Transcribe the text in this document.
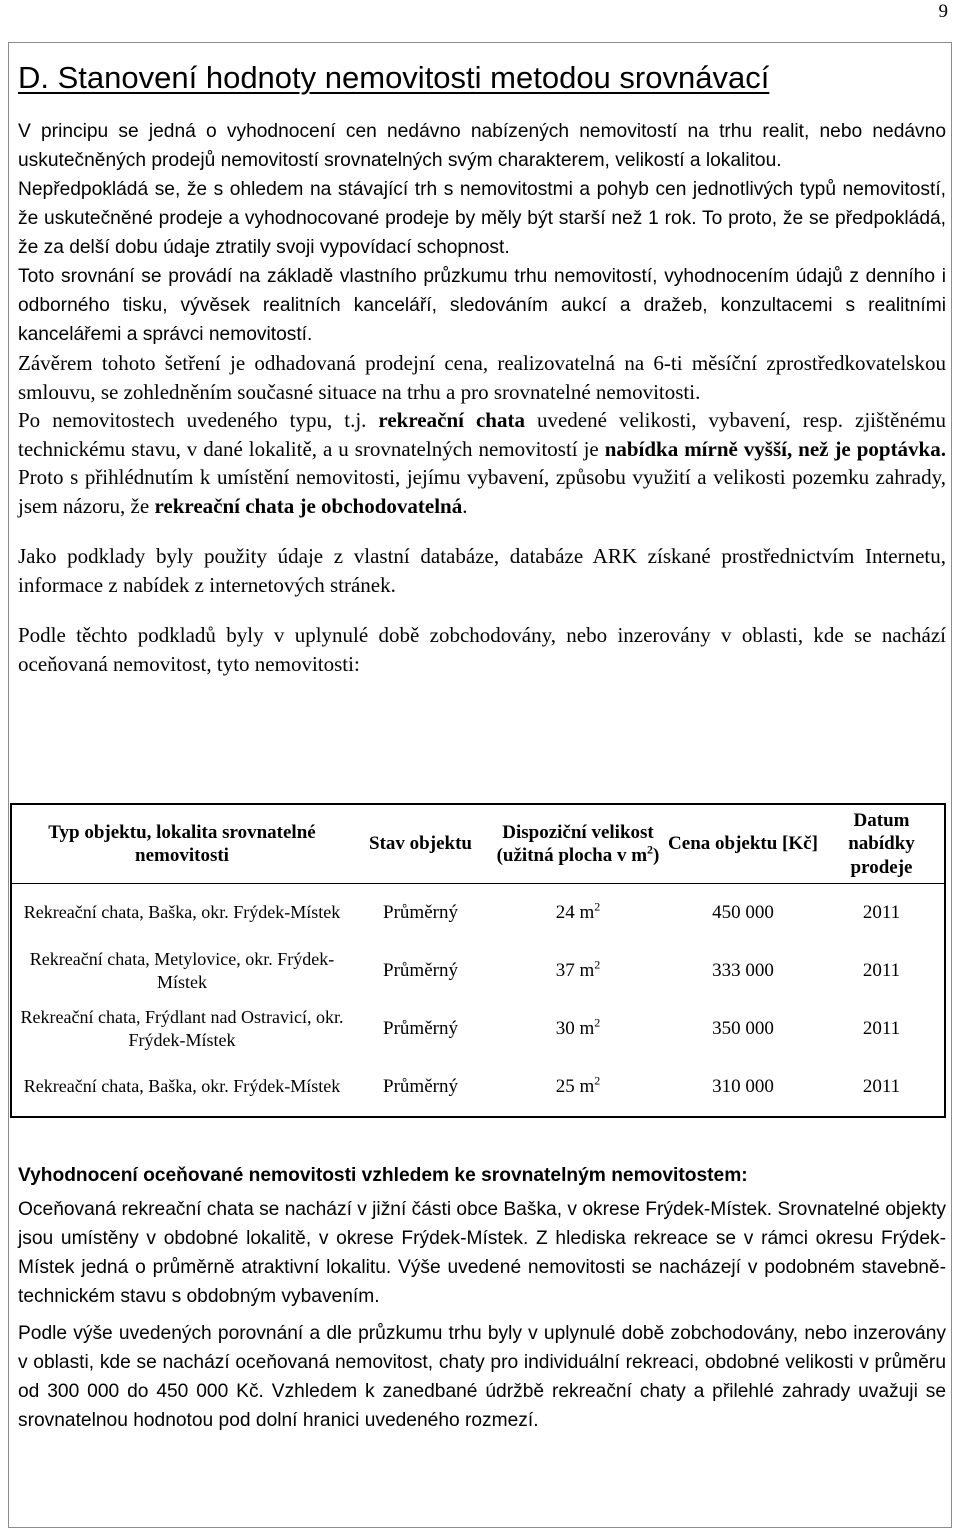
9
D. Stanovení hodnoty nemovitosti metodou srovnávací

V principu se jedná o vyhodnocení cen nedávno nabízených nemovitostí na trhu realit, nebo nedávno uskutečněných prodejů nemovitostí srovnatelných svým charakterem, velikostí a lokalitou.

Nepředpokládá se, že s ohledem na stávající trh s nemovitostmi a pohyb cen jednotlivých typů nemovitostí, že uskutečněné prodeje a vyhodnocované prodeje by měly být starší než 1 rok. To proto, že se předpokládá, že za delší dobu údaje ztratily svoji vypovídací schopnost.

Toto srovnání se provádí na základě vlastního průzkumu trhu nemovitostí, vyhodnocením údajů z denního i odborného tisku, vývěsek realitních kanceláří, sledováním aukcí a dražeb, konzultacemi s realitními kancelářemi a správci nemovitostí.

Závěrem tohoto šetření je odhadovaná prodejní cena, realizovatelná na 6-ti měsíční zprostředkovatelskou smlouvu, se zohledněním současné situace na trhu a pro srovnatelné nemovitosti.

Po nemovitostech uvedeného typu, t.j. rekreační chata uvedené velikosti, vybavení, resp. zjištěnému technickému stavu, v dané lokalitě, a u srovnatelných nemovitostí je nabídka mírně vyšší, než je poptávka. Proto s přihlédnutím k umístění nemovitosti, jejímu vybavení, způsobu využití a velikosti pozemku zahrady, jsem názoru, že rekreační chata je obchodovatelná.

Jako podklady byly použity údaje z vlastní databáze, databáze ARK získané prostřednictvím Internetu, informace z nabídek z internetových stránek.

Podle těchto podkladů byly v uplynulé době zobchodovány, nebo inzerovány v oblasti, kde se nachází oceňovaná nemovitost, tyto nemovitosti:

Typ objektu, lokalita srovnatelné nemovitosti	Stav objektu	Dispoziční velikost (užitná plocha v $m^2$)	Cena objektu [Kč]	Datum nabídky prodeje
Rekreační chata, Baška, okr. Frýdek-Místek	Průměrný	24 $m^2$	450 000	2011
Rekreační chata, Metylovice, okr. Frýdek-Místek	Průměrný	37 $m^2$	333 000	2011
Rekreační chata, Frýdlant nad Ostravicí, okr. Frýdek-Místek	Průměrný	30 $m^2$	350 000	2011
Rekreační chata, Baška, okr. Frýdek-Místek	Průměrný	25 $m^2$	310 000	2011

Vyhodnocení oceňované nemovitosti vzhledem ke srovnatelným nemovitostem:

Oceňovaná rekreační chata se nachází v jižní části obce Baška, v okrese Frýdek-Místek. Srovnatelné objekty jsou umístěny v obdobné lokalitě, v okrese Frýdek-Místek. Z hlediska rekreace se v rámci okresu Frýdek-Místek jedná o průměrně atraktivní lokalitu. Výše uvedené nemovitosti se nacházejí v podobném stavebně-technickém stavu s obdobným vybavením.

Podle výše uvedených porovnání a dle průzkumu trhu byly v uplynulé době zobchodovány, nebo inzerovány v oblasti, kde se nachází oceňovaná nemovitost, chaty pro individuální rekreaci, obdobné velikosti v průměru od 300 000 do 450 000 Kč. Vzhledem k zanedbané údržbě rekreační chaty a přilehlé zahrady uvažuji se srovnatelnou hodnotou pod dolní hranici uvedeného rozmezí.
